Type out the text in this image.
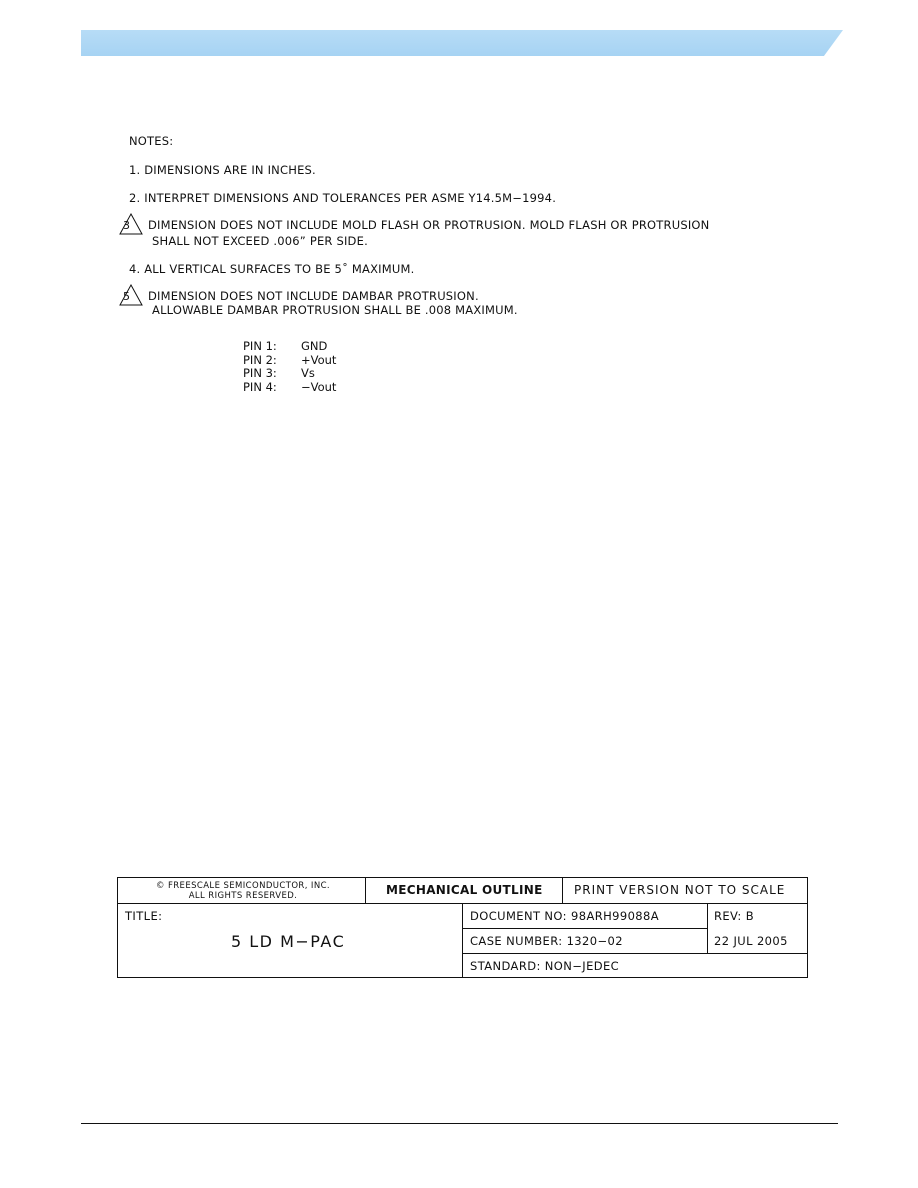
NOTES:
1. DIMENSIONS ARE IN INCHES.
2. INTERPRET DIMENSIONS AND TOLERANCES PER ASME Y14.5M−1994.
3 DIMENSION DOES NOT INCLUDE MOLD FLASH OR PROTRUSION. MOLD FLASH OR PROTRUSION
SHALL NOT EXCEED .006” PER SIDE.
4. ALL VERTICAL SURFACES TO BE 5˚ MAXIMUM.
5 DIMENSION DOES NOT INCLUDE DAMBAR PROTRUSION.
ALLOWABLE DAMBAR PROTRUSION SHALL BE .008 MAXIMUM.
PIN 1: GND
PIN 2: +Vout
PIN 3: Vs
PIN 4: −Vout
© FREESCALE SEMICONDUCTOR, INC.
ALL RIGHTS RESERVED.	MECHANICAL OUTLINE	PRINT VERSION NOT TO SCALE
TITLE:
5 LD M−PAC
DOCUMENT NO: 98ARH99088A	REV: B
CASE NUMBER: 1320−02	22 JUL 2005
STANDARD: NON−JEDEC
